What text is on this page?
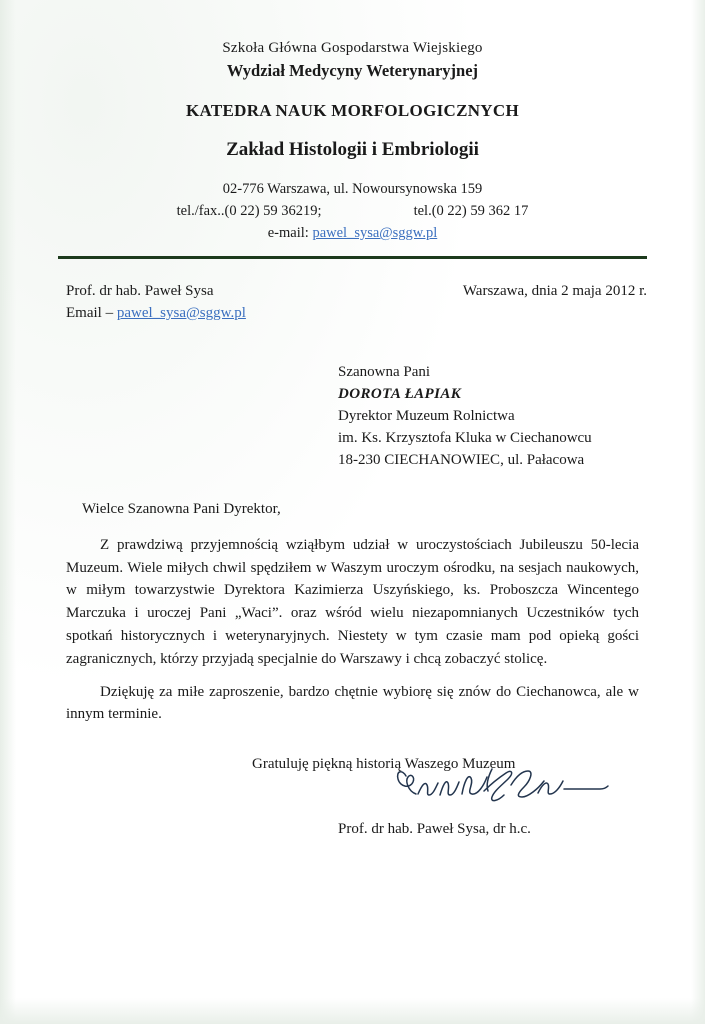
Szkoła Główna Gospodarstwa Wiejskiego
Wydział Medycyny Weterynaryjnej
KATEDRA NAUK MORFOLOGICZNYCH
Zakład Histologii i Embriologii
02-776 Warszawa, ul. Nowoursynowska 159
tel./fax..(0 22) 59 36219;	tel.(0 22) 59 362 17
e-mail: pawel_sysa@sggw.pl
Prof. dr hab. Paweł Sysa
Email – pawel_sysa@sggw.pl
Warszawa, dnia 2 maja 2012 r.
Szanowna Pani
DOROTA ŁAPIAK
Dyrektor Muzeum Rolnictwa
im. Ks. Krzysztofa Kluka w Ciechanowcu
18-230 CIECHANOWIEC, ul. Pałacowa
Wielce Szanowna Pani Dyrektor,
Z prawdziwą przyjemnością wziąłbym udział w uroczystościach Jubileuszu 50-lecia Muzeum. Wiele miłych chwil spędziłem w Waszym uroczym ośrodku, na sesjach naukowych, w miłym towarzystwie Dyrektora Kazimierza Uszyńskiego, ks. Proboszcza Wincentego Marczuka i uroczej Pani „Waci”. oraz wśród wielu niezapomnianych Uczestników tych spotkań historycznych i weterynaryjnych. Niestety w tym czasie mam pod opieką gości zagranicznych, którzy przyjadą specjalnie do Warszawy i chcą zobaczyć stolicę.
Dziękuję za miłe zaproszenie, bardzo chętnie wybiorę się znów do Ciechanowca, ale w innym terminie.
Gratuluję piękną historią Waszego Muzeum
Prof. dr hab. Paweł Sysa, dr h.c.
